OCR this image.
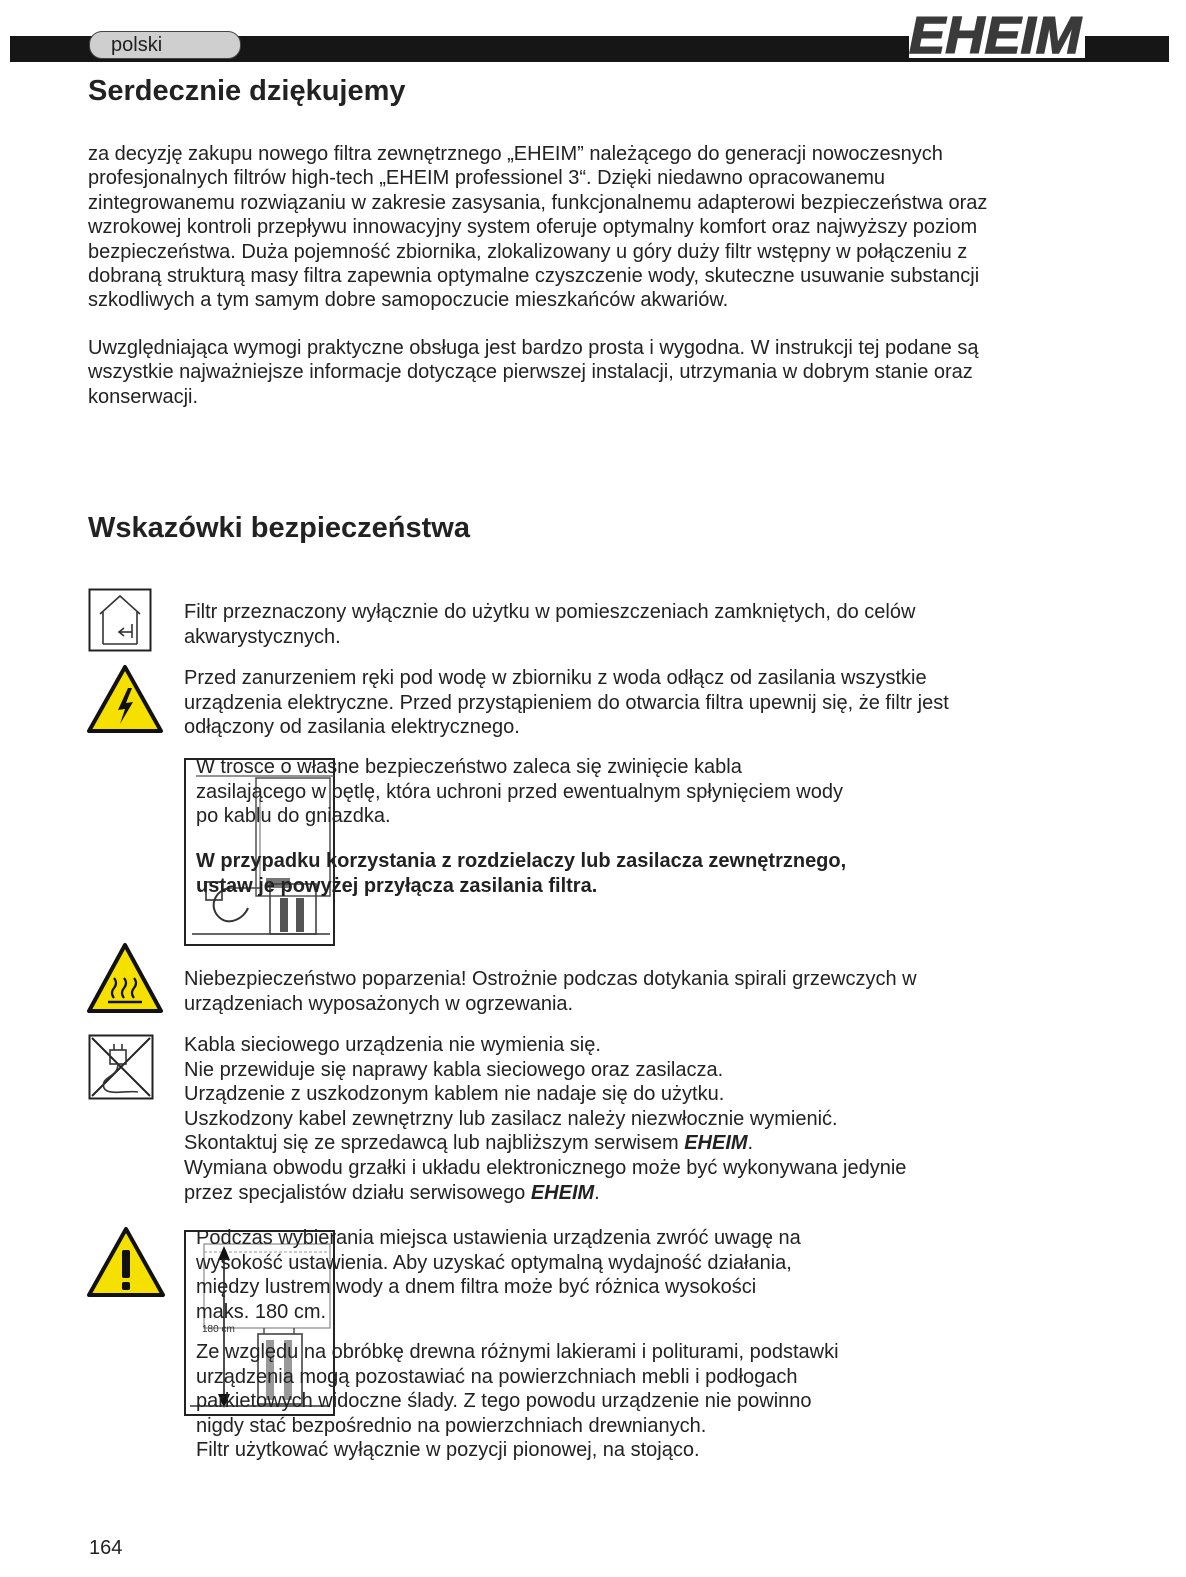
polski	EHEIM
Serdecznie dziękujemy
za decyzję zakupu nowego filtra zewnętrznego „EHEIM” należącego do generacji nowoczesnych
profesjonalnych filtrów high-tech „EHEIM professionel 3“. Dzięki niedawno opracowanemu
zintegrowanemu rozwiązaniu w zakresie zasysania, funkcjonalnemu adapterowi bezpieczeństwa oraz
wzrokowej kontroli przepływu innowacyjny system oferuje optymalny komfort oraz najwyższy poziom
bezpieczeństwa. Duża pojemność zbiornika, zlokalizowany u góry duży filtr wstępny w połączeniu z
dobraną strukturą masy filtra zapewnia optymalne czyszczenie wody, skuteczne usuwanie substancji
szkodliwych a tym samym dobre samopoczucie mieszkańców akwariów.
Uwzględniająca wymogi praktyczne obsługa jest bardzo prosta i wygodna. W instrukcji tej podane są
wszystkie najważniejsze informacje dotyczące pierwszej instalacji, utrzymania w dobrym stanie oraz
konserwacji.
Wskazówki bezpieczeństwa
Filtr przeznaczony wyłącznie do użytku w pomieszczeniach zamkniętych, do celów
akwarystycznych.
Przed zanurzeniem ręki pod wodę w zbiorniku z woda odłącz od zasilania wszystkie
urządzenia elektryczne. Przed przystąpieniem do otwarcia filtra upewnij się, że filtr jest
odłączony od zasilania elektrycznego.
W trosce o własne bezpieczeństwo zaleca się zwinięcie kabla
zasilającego w pętlę, która uchroni przed ewentualnym spłynięciem wody
po kablu do gniazdka.
W przypadku korzystania z rozdzielaczy lub zasilacza zewnętrznego,
ustaw je powyżej przyłącza zasilania filtra.
Niebezpieczeństwo poparzenia! Ostrożnie podczas dotykania spirali grzewczych w
urządzeniach wyposażonych w ogrzewania.
Kabla sieciowego urządzenia nie wymienia się.
Nie przewiduje się naprawy kabla sieciowego oraz zasilacza.
Urządzenie z uszkodzonym kablem nie nadaje się do użytku.
Uszkodzony kabel zewnętrzny lub zasilacz należy niezwłocznie wymienić.
Skontaktuj się ze sprzedawcą lub najbliższym serwisem EHEIM.
Wymiana obwodu grzałki i układu elektronicznego może być wykonywana jedynie
przez specjalistów działu serwisowego EHEIM.
180 cm
Podczas wybierania miejsca ustawienia urządzenia zwróć uwagę na
wysokość ustawienia. Aby uzyskać optymalną wydajność działania,
między lustrem wody a dnem filtra może być różnica wysokości
maks. 180 cm.
Ze względu na obróbkę drewna różnymi lakierami i politurami, podstawki
urządzenia mogą pozostawiać na powierzchniach mebli i podłogach
parkietowych widoczne ślady. Z tego powodu urządzenie nie powinno
nigdy stać bezpośrednio na powierzchniach drewnianych.
Filtr użytkować wyłącznie w pozycji pionowej, na stojąco.
164
